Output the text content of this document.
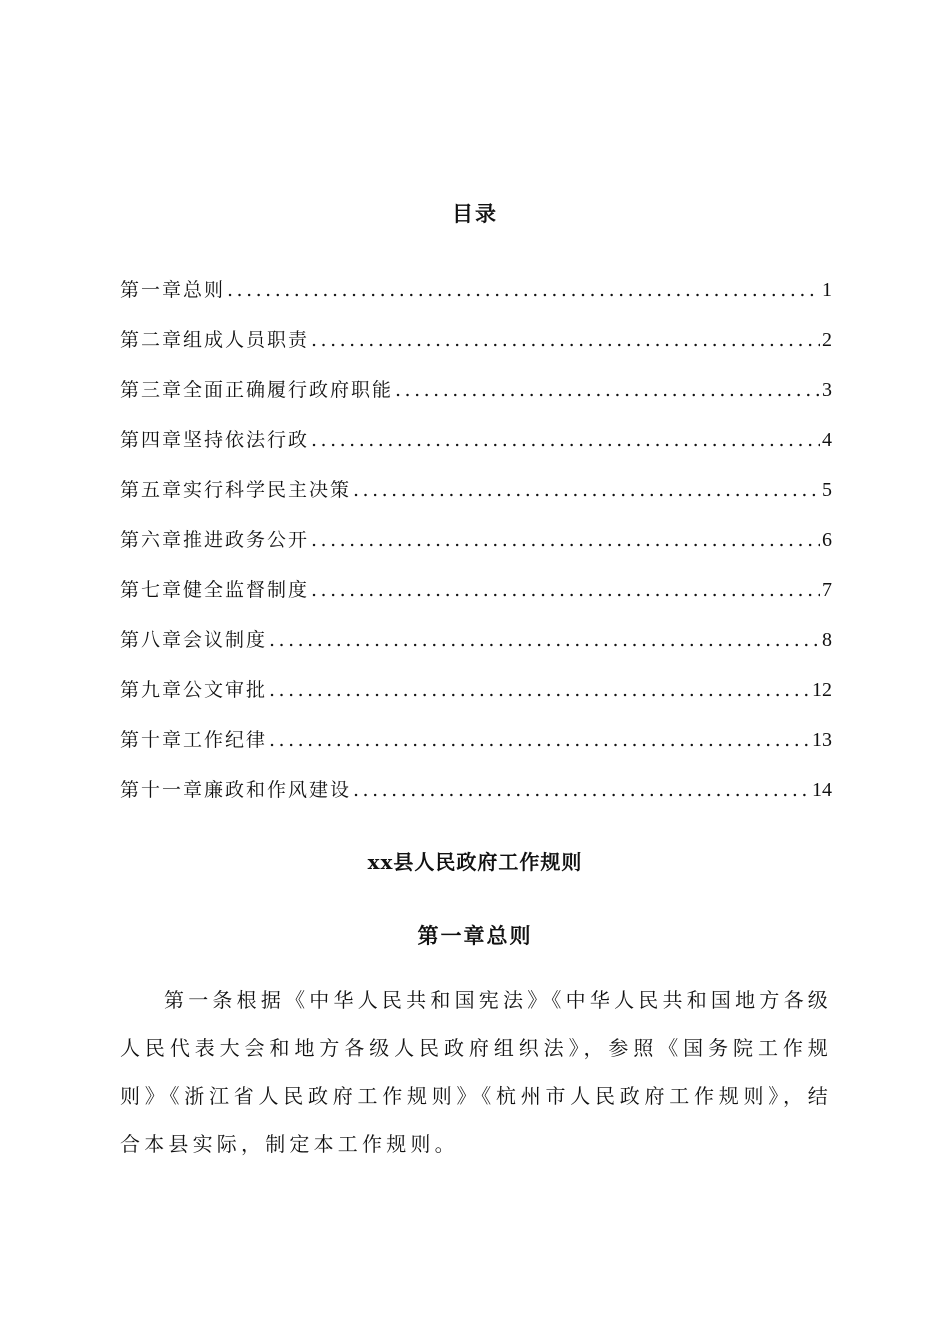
目录
第一章总则 .....	1
第二章组成人员职责 .....	2
第三章全面正确履行政府职能 .....	3
第四章坚持依法行政 .....	4
第五章实行科学民主决策 .....	5
第六章推进政务公开 .....	6
第七章健全监督制度 .....	7
第八章会议制度 .....	8
第九章公文审批 .....	12
第十章工作纪律 .....	13
第十一章廉政和作风建设 .....	14
xx县人民政府工作规则
第一章总则

第一条根据《中华人民共和国宪法》《中华人民共和国地方各级人民代表大会和地方各级人民政府组织法》，参照《国务院工作规则》《浙江省人民政府工作规则》《杭州市人民政府工作规则》，结合本县实际，制定本工作规则。
